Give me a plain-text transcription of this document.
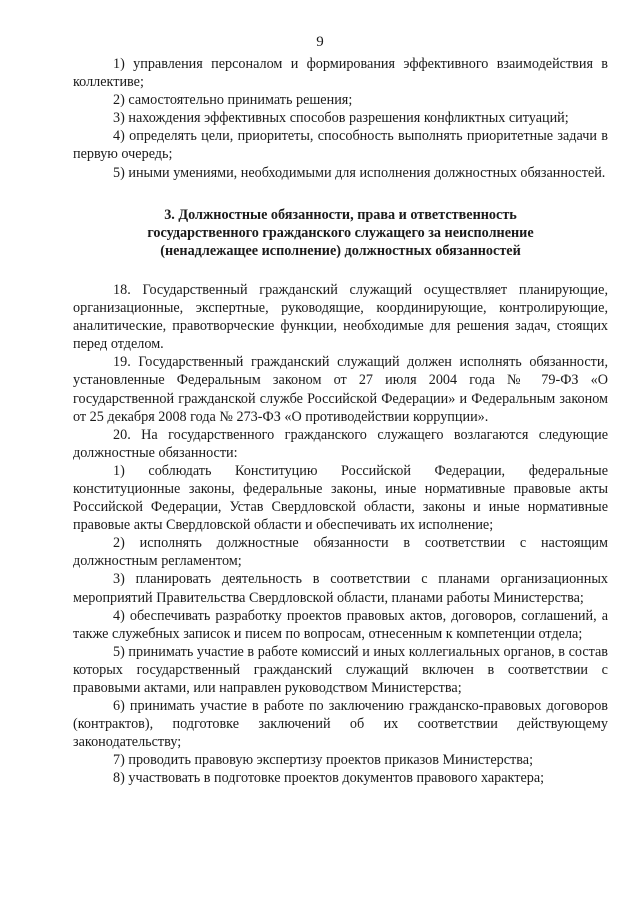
9

1) управления персоналом и формирования эффективного взаимодействия в коллективе;

2) самостоятельно принимать решения;

3) нахождения эффективных способов разрешения конфликтных ситуаций;

4) определять цели, приоритеты, способность выполнять приоритетные задачи в первую очередь;

5) иными умениями, необходимыми для исполнения должностных обязанностей.

3. Должностные обязанности, права и ответственность
государственного гражданского служащего за неисполнение
(ненадлежащее исполнение) должностных обязанностей

18. Государственный гражданский служащий осуществляет планирующие, организационные, экспертные, руководящие, координирующие, контролирующие, аналитические, правотворческие функции, необходимые для решения задач, стоящих перед отделом.

19. Государственный гражданский служащий должен исполнять обязанности, установленные Федеральным законом от 27 июля 2004 года № 79-ФЗ «О государственной гражданской службе Российской Федерации» и Федеральным законом от 25 декабря 2008 года № 273-ФЗ «О противодействии коррупции».

20. На государственного гражданского служащего возлагаются следующие должностные обязанности:

1) соблюдать Конституцию Российской Федерации, федеральные конституционные законы, федеральные законы, иные нормативные правовые акты Российской Федерации, Устав Свердловской области, законы и иные нормативные правовые акты Свердловской области и обеспечивать их исполнение;

2) исполнять должностные обязанности в соответствии с настоящим должностным регламентом;

3) планировать деятельность в соответствии с планами организационных мероприятий Правительства Свердловской области, планами работы Министерства;

4) обеспечивать разработку проектов правовых актов, договоров, соглашений, а также служебных записок и писем по вопросам, отнесенным к компетенции отдела;

5) принимать участие в работе комиссий и иных коллегиальных органов, в состав которых государственный гражданский служащий включен в соответствии с правовыми актами, или направлен руководством Министерства;

6) принимать участие в работе по заключению гражданско-правовых договоров (контрактов), подготовке заключений об их соответствии действующему законодательству;

7) проводить правовую экспертизу проектов приказов Министерства;

8) участвовать в подготовке проектов документов правового характера;
